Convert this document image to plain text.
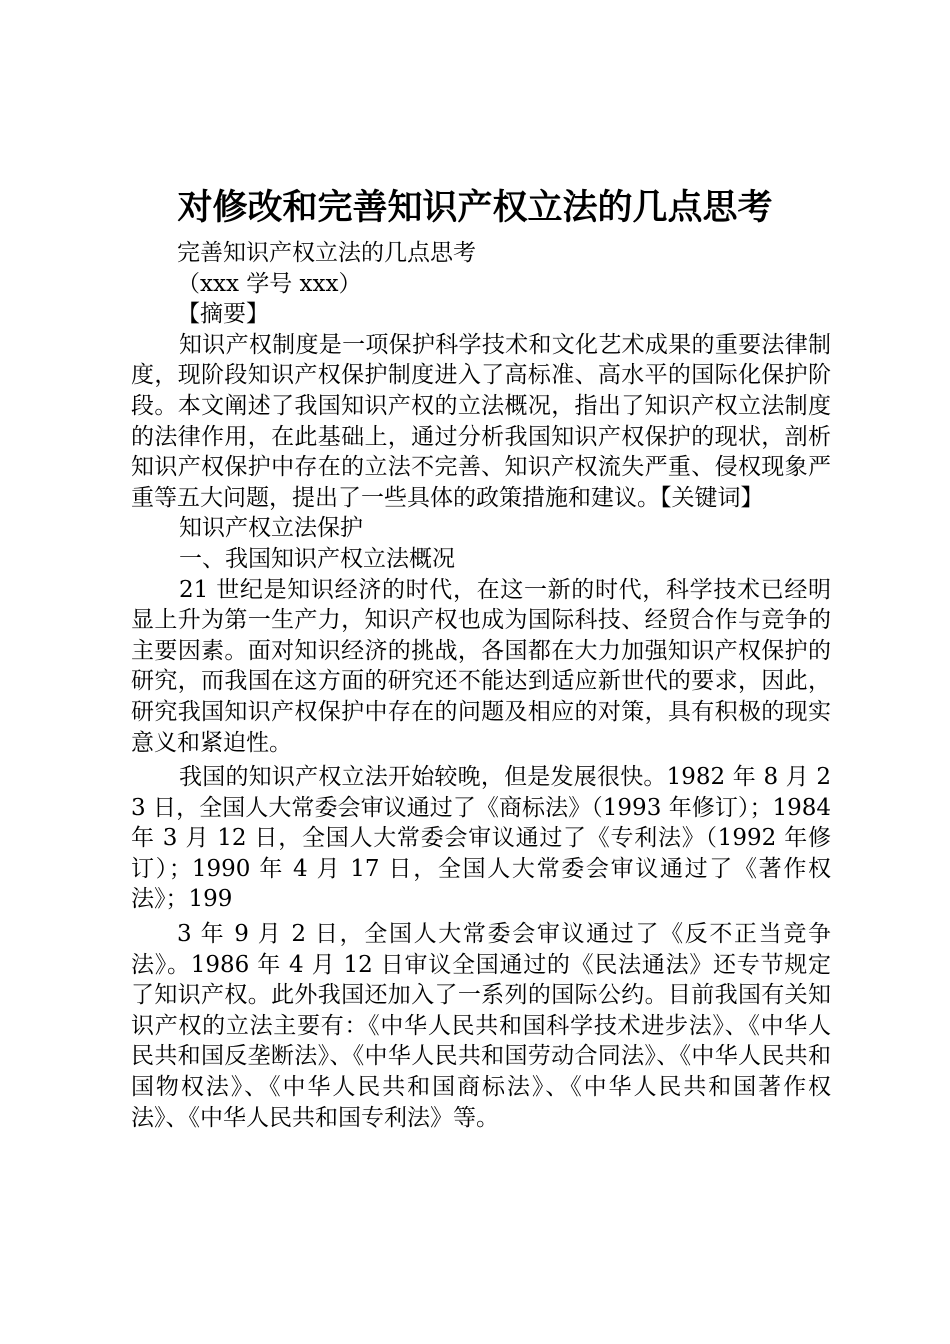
对修改和完善知识产权立法的几点思考

完善知识产权立法的几点思考

（xxx 学号 xxx）

【摘要】

知识产权制度是一项保护科学技术和文化艺术成果的重要法律制度，现阶段知识产权保护制度进入了高标准、高水平的国际化保护阶段。本文阐述了我国知识产权的立法概况，指出了知识产权立法制度的法律作用，在此基础上，通过分析我国知识产权保护的现状，剖析知识产权保护中存在的立法不完善、知识产权流失严重、侵权现象严重等五大问题，提出了一些具体的政策措施和建议。【关键词】

知识产权立法保护

一、我国知识产权立法概况

21 世纪是知识经济的时代，在这一新的时代，科学技术已经明显上升为第一生产力，知识产权也成为国际科技、经贸合作与竞争的主要因素。面对知识经济的挑战，各国都在大力加强知识产权保护的研究，而我国在这方面的研究还不能达到适应新世代的要求，因此，研究我国知识产权保护中存在的问题及相应的对策，具有积极的现实意义和紧迫性。

我国的知识产权立法开始较晚，但是发展很快。1982 年 8 月 23 日，全国人大常委会审议通过了《商标法》（1993 年修订）；1984 年 3 月 12 日，全国人大常委会审议通过了《专利法》（1992 年修订）；1990 年 4 月 17 日，全国人大常委会审议通过了《著作权法》；199

3 年 9 月 2 日，全国人大常委会审议通过了《反不正当竞争法》。1986 年 4 月 12 日审议全国通过的《民法通法》还专节规定了知识产权。此外我国还加入了一系列的国际公约。目前我国有关知识产权的立法主要有：《中华人民共和国科学技术进步法》、《中华人民共和国反垄断法》、《中华人民共和国劳动合同法》、《中华人民共和国物权法》、《中华人民共和国商标法》、《中华人民共和国著作权法》、《中华人民共和国专利法》等。
